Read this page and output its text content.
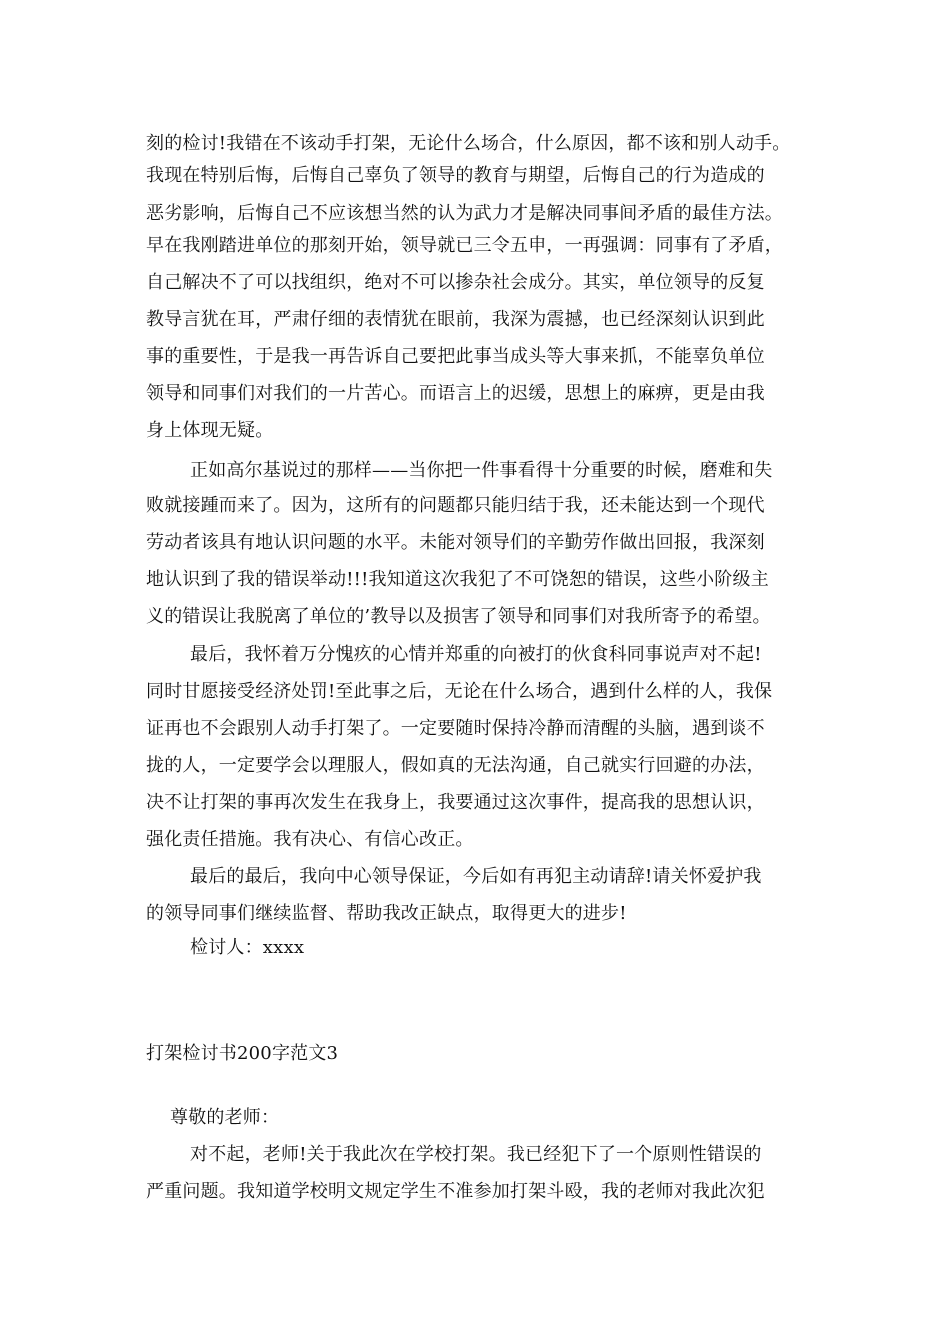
刻的检讨!我错在不该动手打架，无论什么场合，什么原因，都不该和别人动手。
我现在特别后悔，后悔自己辜负了领导的教育与期望，后悔自己的行为造成的
恶劣影响，后悔自己不应该想当然的认为武力才是解决同事间矛盾的最佳方法。
早在我刚踏进单位的那刻开始，领导就已三令五申，一再强调：同事有了矛盾，
自己解决不了可以找组织，绝对不可以掺杂社会成分。其实，单位领导的反复
教导言犹在耳，严肃仔细的表情犹在眼前，我深为震撼，也已经深刻认识到此
事的重要性，于是我一再告诉自己要把此事当成头等大事来抓，不能辜负单位
领导和同事们对我们的一片苦心。而语言上的迟缓，思想上的麻痹，更是由我
身上体现无疑。
正如高尔基说过的那样——当你把一件事看得十分重要的时候，磨难和失
败就接踵而来了。因为，这所有的问题都只能归结于我，还未能达到一个现代
劳动者该具有地认识问题的水平。未能对领导们的辛勤劳作做出回报，我深刻
地认识到了我的错误举动!!!我知道这次我犯了不可饶恕的错误，这些小阶级主
义的错误让我脱离了单位的’教导以及损害了领导和同事们对我所寄予的希望。
最后，我怀着万分愧疚的心情并郑重的向被打的伙食科同事说声对不起!
同时甘愿接受经济处罚!至此事之后，无论在什么场合，遇到什么样的人，我保
证再也不会跟别人动手打架了。一定要随时保持冷静而清醒的头脑，遇到谈不
拢的人，一定要学会以理服人，假如真的无法沟通，自己就实行回避的办法，
决不让打架的事再次发生在我身上，我要通过这次事件，提高我的思想认识，
强化责任措施。我有决心、有信心改正。
最后的最后，我向中心领导保证，今后如有再犯主动请辞!请关怀爱护我
的领导同事们继续监督、帮助我改正缺点，取得更大的进步!
检讨人：xxxx
打架检讨书200字范文3
尊敬的老师：
对不起，老师!关于我此次在学校打架。我已经犯下了一个原则性错误的
严重问题。我知道学校明文规定学生不准参加打架斗殴，我的老师对我此次犯
